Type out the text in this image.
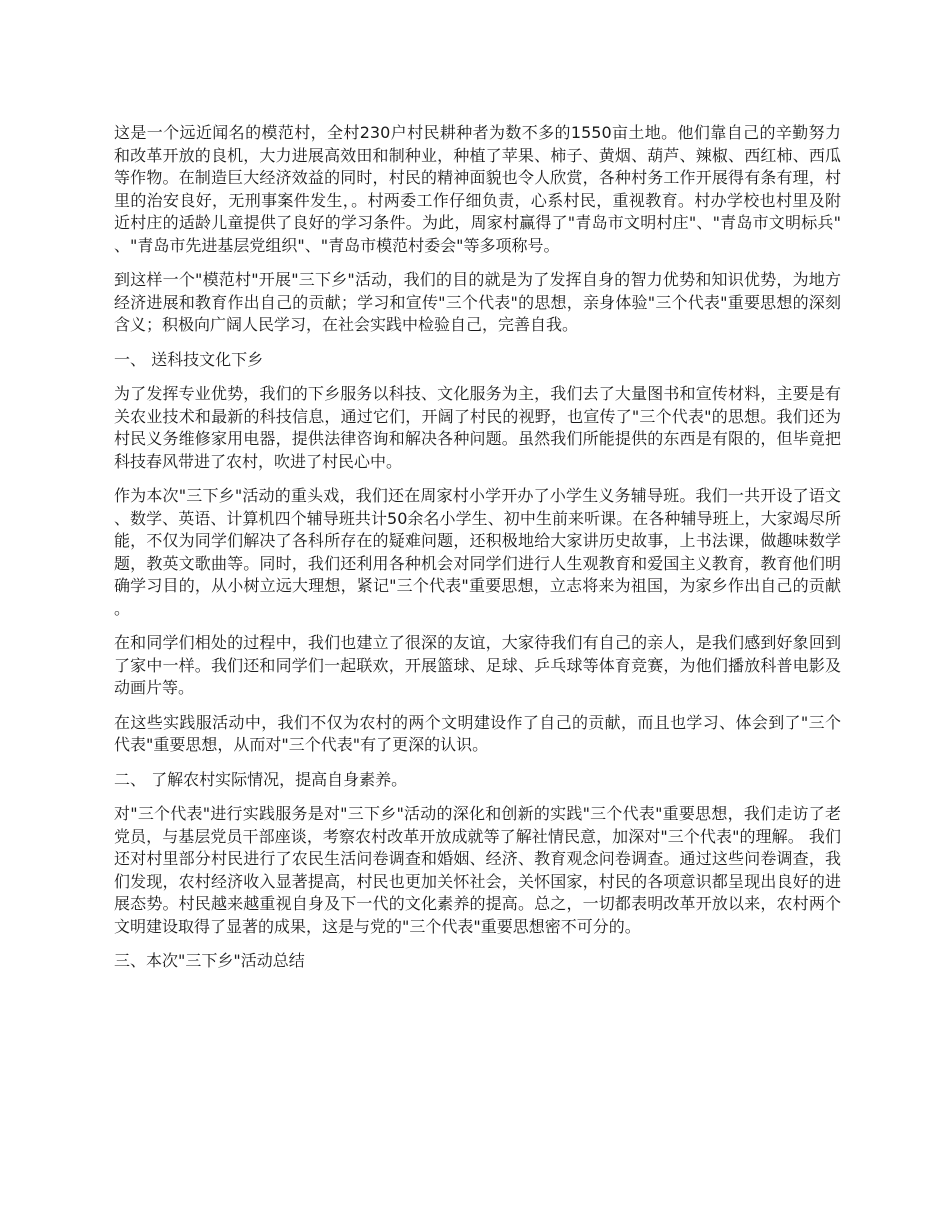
这是一个远近闻名的模范村，全村230户村民耕种者为数不多的1550亩土地。他们靠自己的辛勤努力和改革开放的良机，大力进展高效田和制种业，种植了苹果、柿子、黄烟、葫芦、辣椒、西红柿、西瓜等作物。在制造巨大经济效益的同时，村民的精神面貌也令人欣赏，各种村务工作开展得有条有理，村里的治安良好，无刑事案件发生，。村两委工作仔细负责，心系村民，重视教育。村办学校也村里及附近村庄的适龄儿童提供了良好的学习条件。为此，周家村赢得了"青岛市文明村庄"、"青岛市文明标兵"、"青岛市先进基层党组织"、"青岛市模范村委会"等多项称号。

到这样一个"模范村"开展"三下乡"活动，我们的目的就是为了发挥自身的智力优势和知识优势，为地方经济进展和教育作出自己的贡献；学习和宣传"三个代表"的思想，亲身体验"三个代表"重要思想的深刻含义；积极向广阔人民学习，在社会实践中检验自己，完善自我。

一、 送科技文化下乡

为了发挥专业优势，我们的下乡服务以科技、文化服务为主，我们去了大量图书和宣传材料，主要是有关农业技术和最新的科技信息，通过它们，开阔了村民的视野，也宣传了"三个代表"的思想。我们还为村民义务维修家用电器，提供法律咨询和解决各种问题。虽然我们所能提供的东西是有限的，但毕竟把科技春风带进了农村，吹进了村民心中。

作为本次"三下乡"活动的重头戏，我们还在周家村小学开办了小学生义务辅导班。我们一共开设了语文、数学、英语、计算机四个辅导班共计50余名小学生、初中生前来听课。在各种辅导班上，大家竭尽所能，不仅为同学们解决了各科所存在的疑难问题，还积极地给大家讲历史故事，上书法课，做趣味数学题，教英文歌曲等。同时，我们还利用各种机会对同学们进行人生观教育和爱国主义教育，教育他们明确学习目的，从小树立远大理想，紧记"三个代表"重要思想，立志将来为祖国，为家乡作出自己的贡献。

在和同学们相处的过程中，我们也建立了很深的友谊，大家待我们有自己的亲人，是我们感到好象回到了家中一样。我们还和同学们一起联欢，开展篮球、足球、乒乓球等体育竞赛，为他们播放科普电影及动画片等。

在这些实践服活动中，我们不仅为农村的两个文明建设作了自己的贡献，而且也学习、体会到了"三个代表"重要思想，从而对"三个代表"有了更深的认识。

二、 了解农村实际情况，提高自身素养。

对"三个代表"进行实践服务是对"三下乡"活动的深化和创新的实践"三个代表"重要思想，我们走访了老党员，与基层党员干部座谈，考察农村改革开放成就等了解社情民意，加深对"三个代表"的理解。 我们还对村里部分村民进行了农民生活问卷调查和婚姻、经济、教育观念问卷调查。通过这些问卷调查，我们发现，农村经济收入显著提高，村民也更加关怀社会，关怀国家，村民的各项意识都呈现出良好的进展态势。村民越来越重视自身及下一代的文化素养的提高。总之，一切都表明改革开放以来，农村两个文明建设取得了显著的成果，这是与党的"三个代表"重要思想密不可分的。

三、本次"三下乡"活动总结
